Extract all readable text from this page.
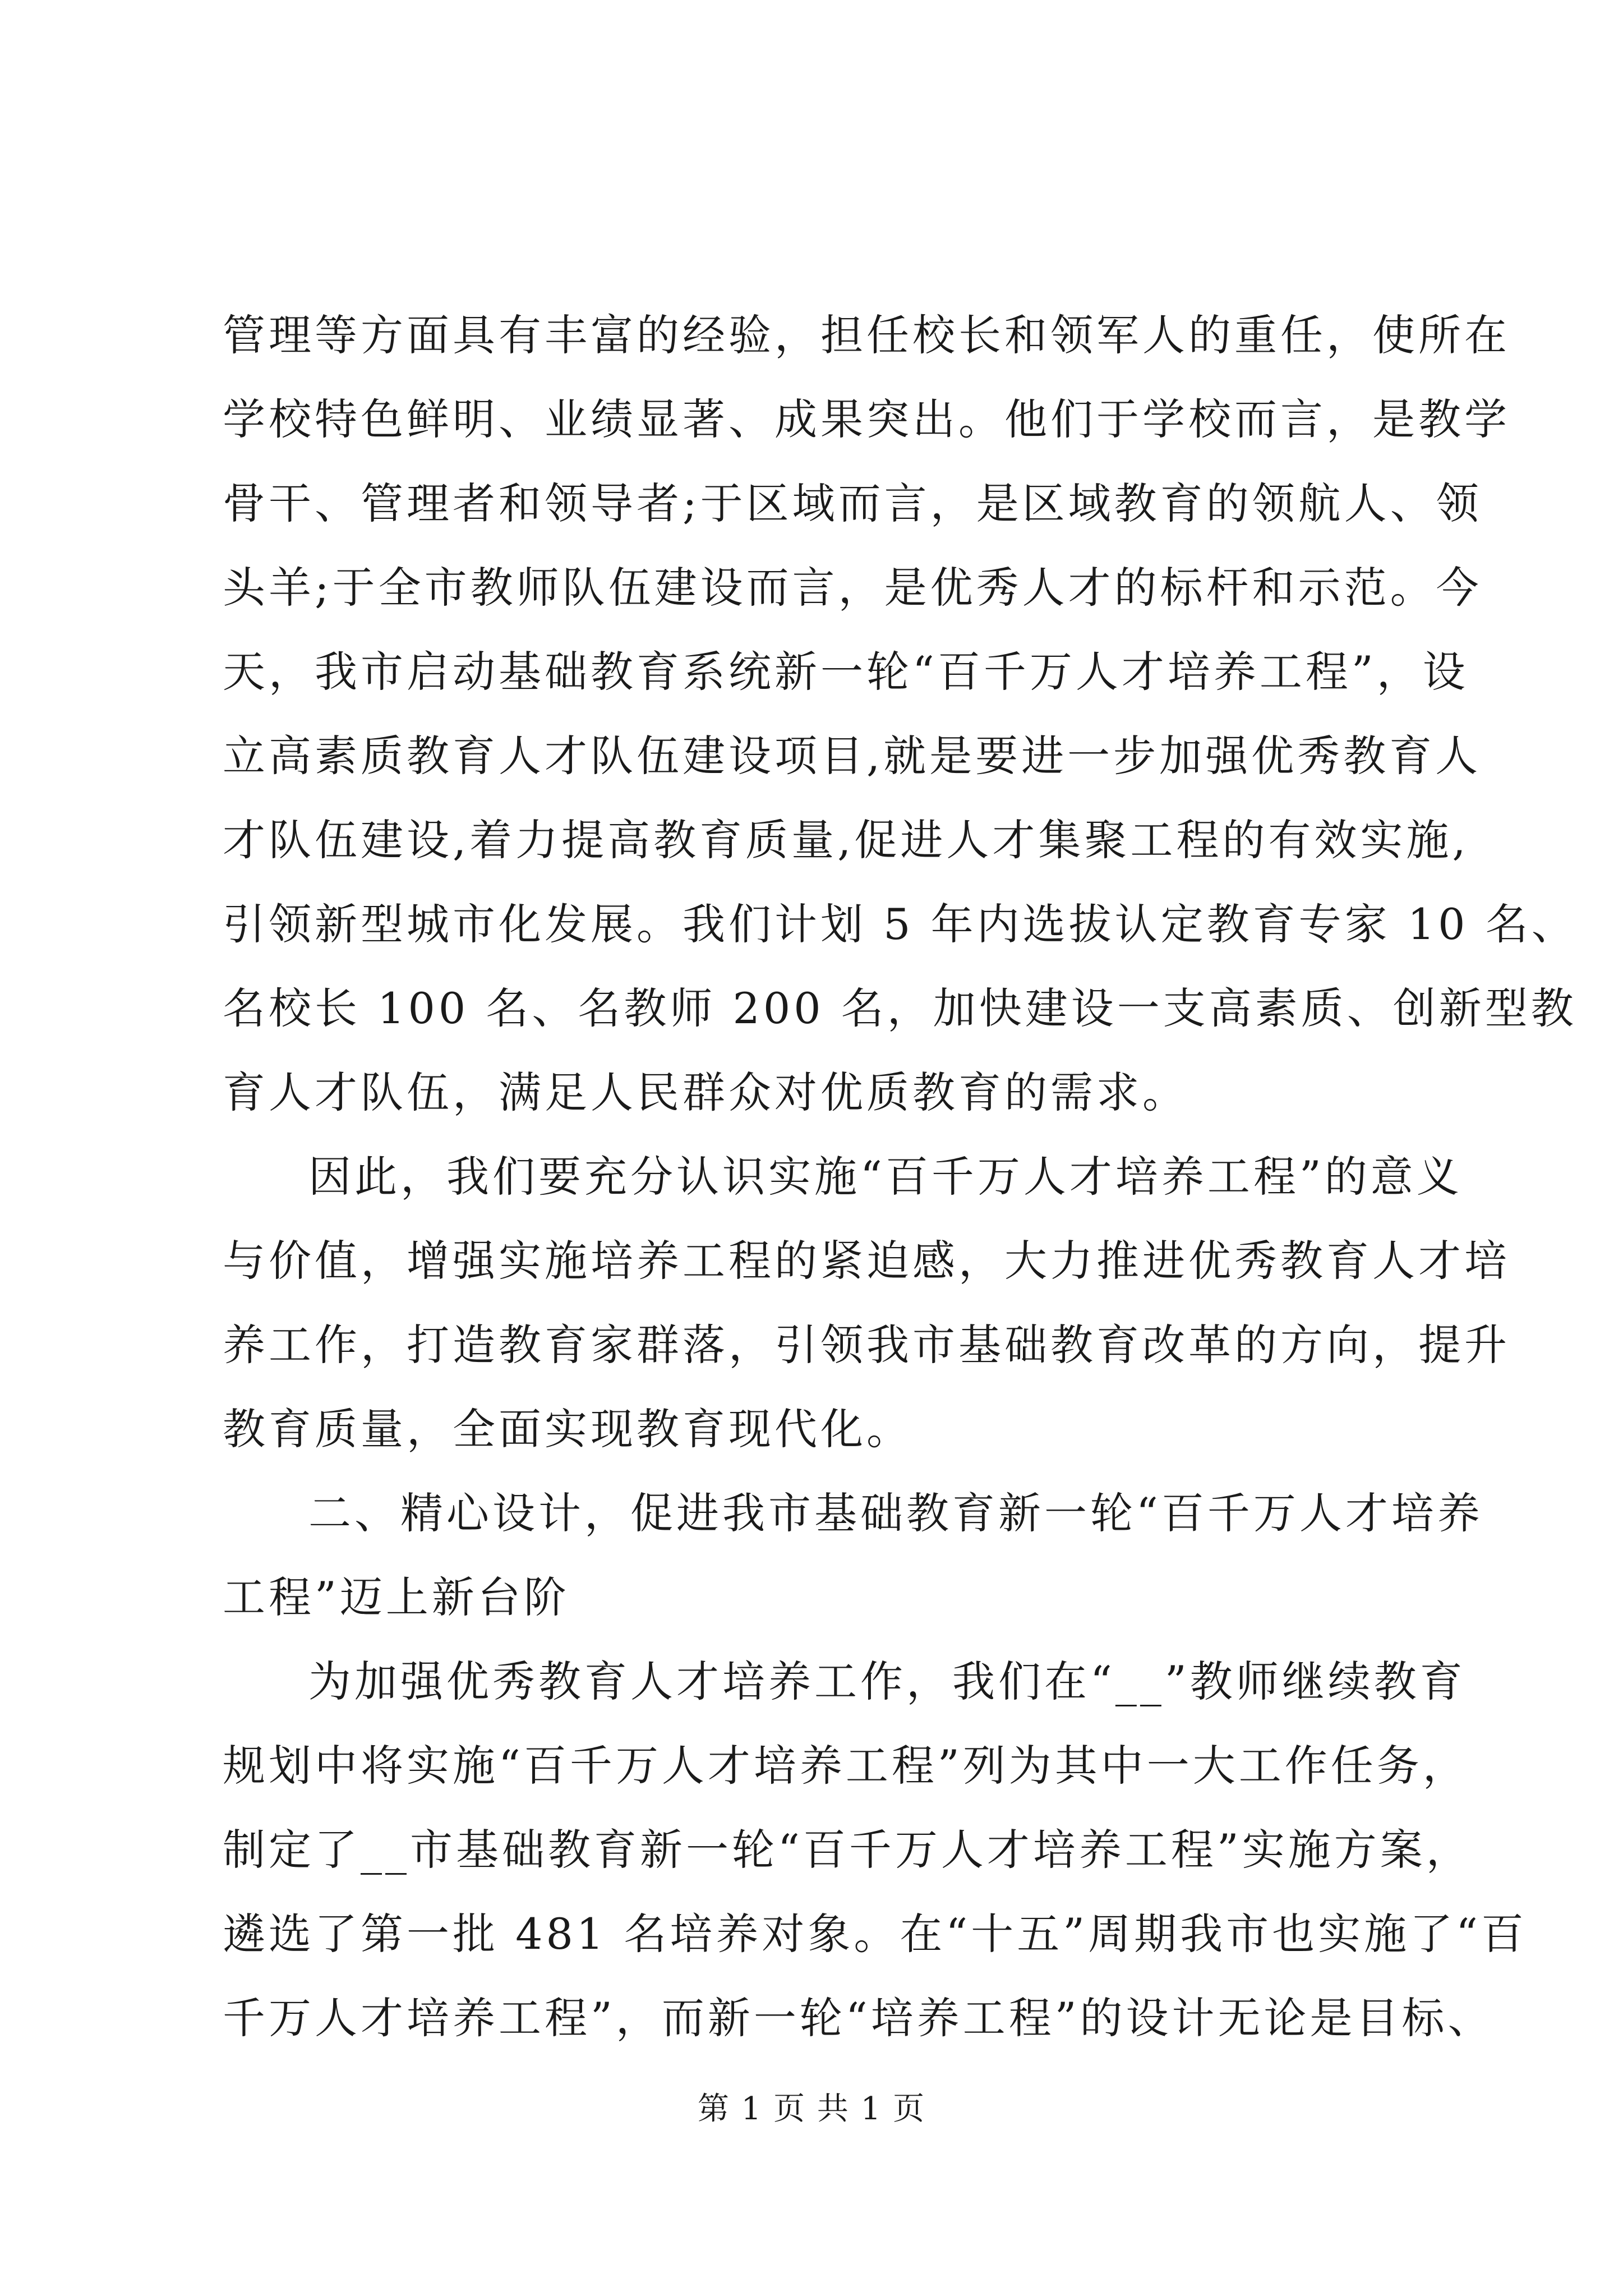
管理等方面具有丰富的经验，担任校长和领军人的重任，使所在
学校特色鲜明、业绩显著、成果突出。他们于学校而言，是教学
骨干、管理者和领导者;于区域而言，是区域教育的领航人、领
头羊;于全市教师队伍建设而言，是优秀人才的标杆和示范。今
天，我市启动基础教育系统新一轮“百千万人才培养工程”，设
立高素质教育人才队伍建设项目,就是要进一步加强优秀教育人
才队伍建设,着力提高教育质量,促进人才集聚工程的有效实施,
引领新型城市化发展。我们计划 5 年内选拔认定教育专家 10 名、
名校长 100 名、名教师 200 名，加快建设一支高素质、创新型教
育人才队伍，满足人民群众对优质教育的需求。
因此，我们要充分认识实施“百千万人才培养工程”的意义
与价值，增强实施培养工程的紧迫感，大力推进优秀教育人才培
养工作，打造教育家群落，引领我市基础教育改革的方向，提升
教育质量，全面实现教育现代化。
二、精心设计，促进我市基础教育新一轮“百千万人才培养
工程”迈上新台阶
为加强优秀教育人才培养工作，我们在“__”教师继续教育
规划中将实施“百千万人才培养工程”列为其中一大工作任务，
制定了__市基础教育新一轮“百千万人才培养工程”实施方案，
遴选了第一批 481 名培养对象。在“十五”周期我市也实施了“百
千万人才培养工程”，而新一轮“培养工程”的设计无论是目标、
第 1 页 共 1 页
